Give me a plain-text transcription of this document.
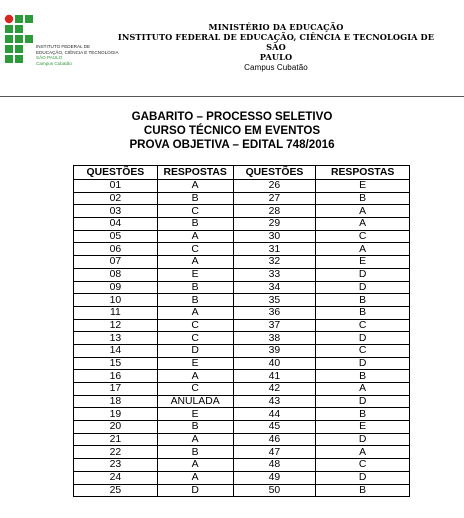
INSTITUTO FEDERAL DE
EDUCAÇÃO, CIÊNCIA E TECNOLOGIA
SÃO PAULO
Campus Cubatão
MINISTÉRIO DA EDUCAÇÃO
INSTITUTO FEDERAL DE EDUCAÇÃO, CIÊNCIA E TECNOLOGIA DE SÃO
PAULO
Campus Cubatão
GABARITO – PROCESSO SELETIVO
CURSO TÉCNICO EM EVENTOS
PROVA OBJETIVA – EDITAL 748/2016
QUESTÕES	RESPOSTAS	QUESTÕES	RESPOSTAS
01	A	26	E
02	B	27	B
03	C	28	A
04	B	29	A
05	A	30	C
06	C	31	A
07	A	32	E
08	E	33	D
09	B	34	D
10	B	35	B
11	A	36	B
12	C	37	C
13	C	38	D
14	D	39	C
15	E	40	D
16	A	41	B
17	C	42	A
18	ANULADA	43	D
19	E	44	B
20	B	45	E
21	A	46	D
22	B	47	A
23	A	48	C
24	A	49	D
25	D	50	B
